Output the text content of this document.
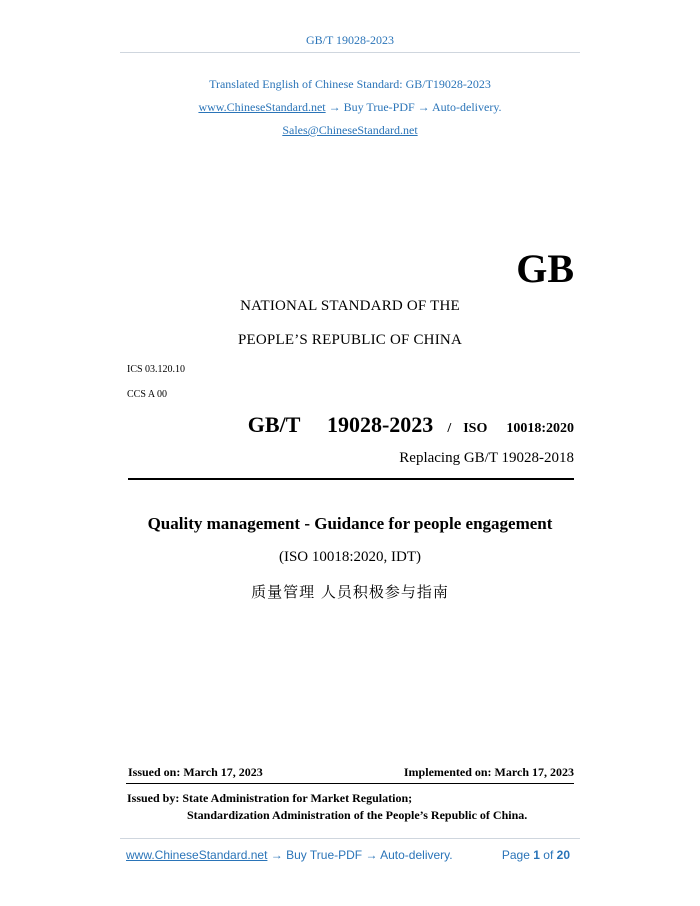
GB/T 19028-2023
Translated English of Chinese Standard: GB/T19028-2023
www.ChineseStandard.net → Buy True-PDF → Auto-delivery.
Sales@ChineseStandard.net
GB
NATIONAL STANDARD OF THE
PEOPLE’S REPUBLIC OF CHINA
ICS 03.120.10
CCS A 00
GB/T  19028-2023 / ISO  10018:2020
Replacing GB/T 19028-2018
Quality management - Guidance for people engagement
(ISO 10018:2020, IDT)
质量管理 人员积极参与指南
Issued on: March 17, 2023	Implemented on: March 17, 2023
Issued by: State Administration for Market Regulation;
Standardization Administration of the People’s Republic of China.
www.ChineseStandard.net → Buy True-PDF → Auto-delivery.	Page 1 of 20
